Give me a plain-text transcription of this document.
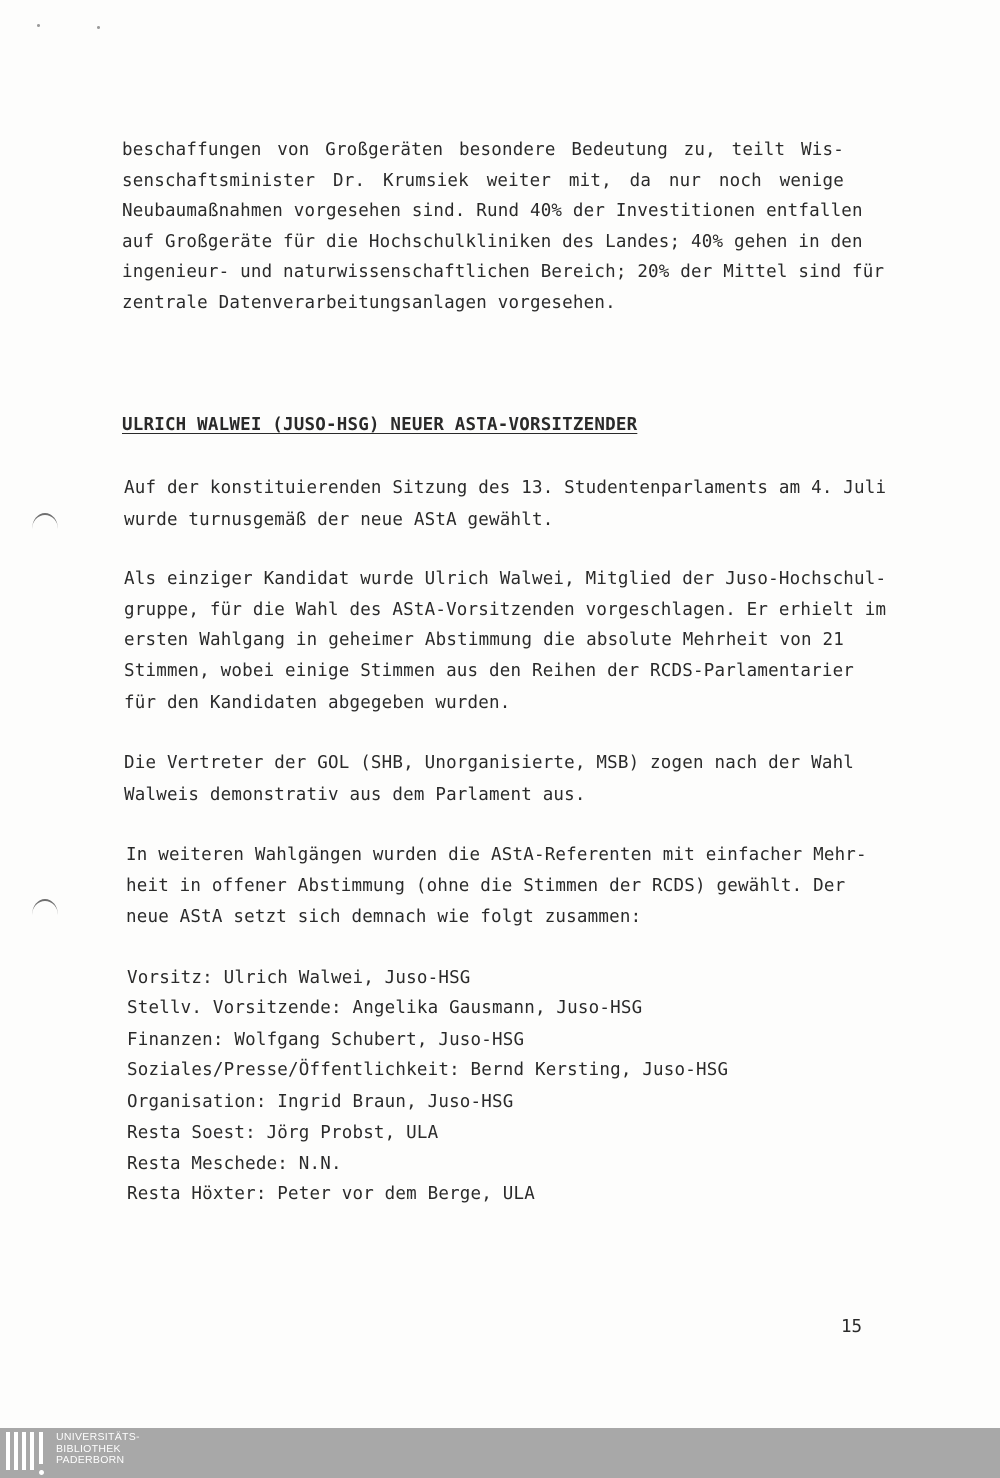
beschaffungen von Großgeräten besondere Bedeutung zu, teilt Wis-
senschaftsminister Dr. Krumsiek weiter mit, da nur noch wenige
Neubaumaßnahmen vorgesehen sind. Rund 40% der Investitionen entfallen
auf Großgeräte für die Hochschulkliniken des Landes; 40% gehen in den
ingenieur- und naturwissenschaftlichen Bereich; 20% der Mittel sind für
zentrale Datenverarbeitungsanlagen vorgesehen.
ULRICH WALWEI (JUSO-HSG) NEUER ASTA-VORSITZENDER
Auf der konstituierenden Sitzung des 13. Studentenparlaments am 4. Juli
wurde turnusgemäß der neue AStA gewählt.
Als einziger Kandidat wurde Ulrich Walwei, Mitglied der Juso-Hochschul-
gruppe, für die Wahl des AStA-Vorsitzenden vorgeschlagen. Er erhielt im
ersten Wahlgang in geheimer Abstimmung die absolute Mehrheit von 21
Stimmen, wobei einige Stimmen aus den Reihen der RCDS-Parlamentarier
für den Kandidaten abgegeben wurden.
Die Vertreter der GOL (SHB, Unorganisierte, MSB) zogen nach der Wahl
Walweis demonstrativ aus dem Parlament aus.
In weiteren Wahlgängen wurden die AStA-Referenten mit einfacher Mehr-
heit in offener Abstimmung (ohne die Stimmen der RCDS) gewählt. Der
neue AStA setzt sich demnach wie folgt zusammen:
Vorsitz: Ulrich Walwei, Juso-HSG
Stellv. Vorsitzende: Angelika Gausmann, Juso-HSG
Finanzen: Wolfgang Schubert, Juso-HSG
Soziales/Presse/Öffentlichkeit: Bernd Kersting, Juso-HSG
Organisation: Ingrid Braun, Juso-HSG
Resta Soest: Jörg Probst, ULA
Resta Meschede: N.N.
Resta Höxter: Peter vor dem Berge, ULA
15
UNIVERSITÄTS-
BIBLIOTHEK
PADERBORN
